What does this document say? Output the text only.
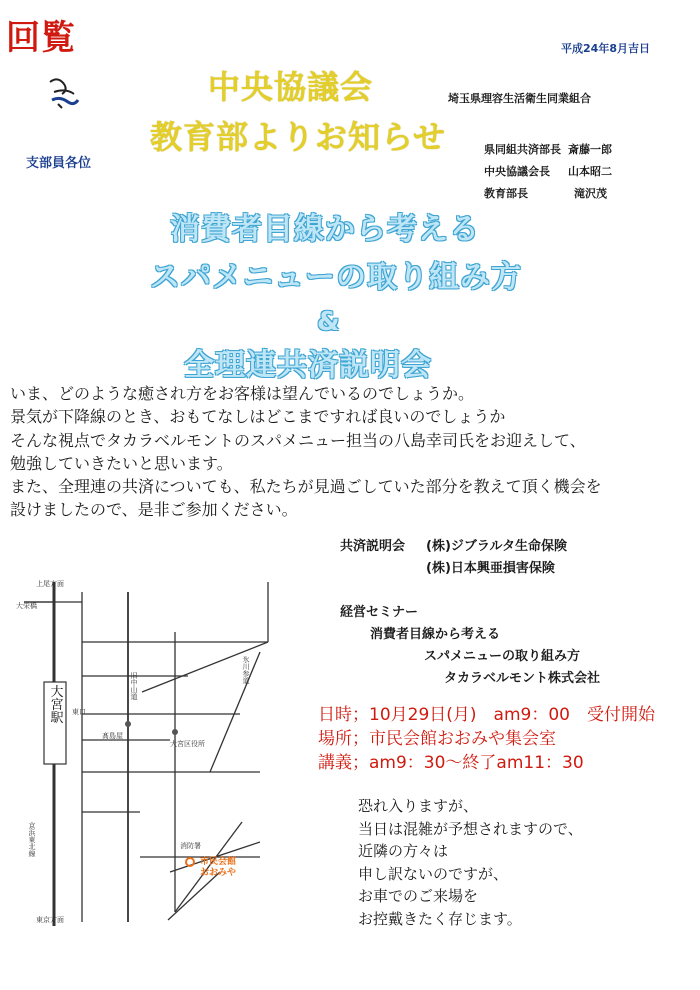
回覧	平成24年8月吉日
支部員各位
中央協議会
教育部よりお知らせ
埼玉県理容生活衛生同業組合
県同組共済部長 斎藤一郎
中央協議会長 山本昭二
教育部長	滝沢茂
消費者目線から考える
スパメニューの取り組み方
&
全理連共済説明会
いま、どのような癒され方をお客様は望んでいるのでしょうか。
景気が下降線のとき、おもてなしはどこまですれば良いのでしょうか
そんな視点でタカラベルモントのスパメニュー担当の八島幸司氏をお迎えして、
勉強していきたいと思います。
また、全理連の共済についても、私たちが見過ごしていた部分を教えて頂く機会を
設けましたので、是非ご参加ください。
共済説明会 (株)ジブラルタ生命保険
(株)日本興亜損害保険
経営セミナー
消費者目線から考える
スパメニューの取り組み方
タカラベルモント株式会社
日時；10月29日(月)　am9：00　受付開始
場所；市民会館おおみや集会室
講義；am9：30～終了am11：30
恐れ入りますが、
当日は混雑が予想されますので、
近隣の方々は
申し訳ないのですが、
お車でのご来場を
お控戴きたく存じます。
大宮駅
上尾方面
大栄橋
東口
旧中山道
氷川参道
髙島屋
大宮区役所
消防署
市民会館
おおみや
京浜東北線
東京方面
